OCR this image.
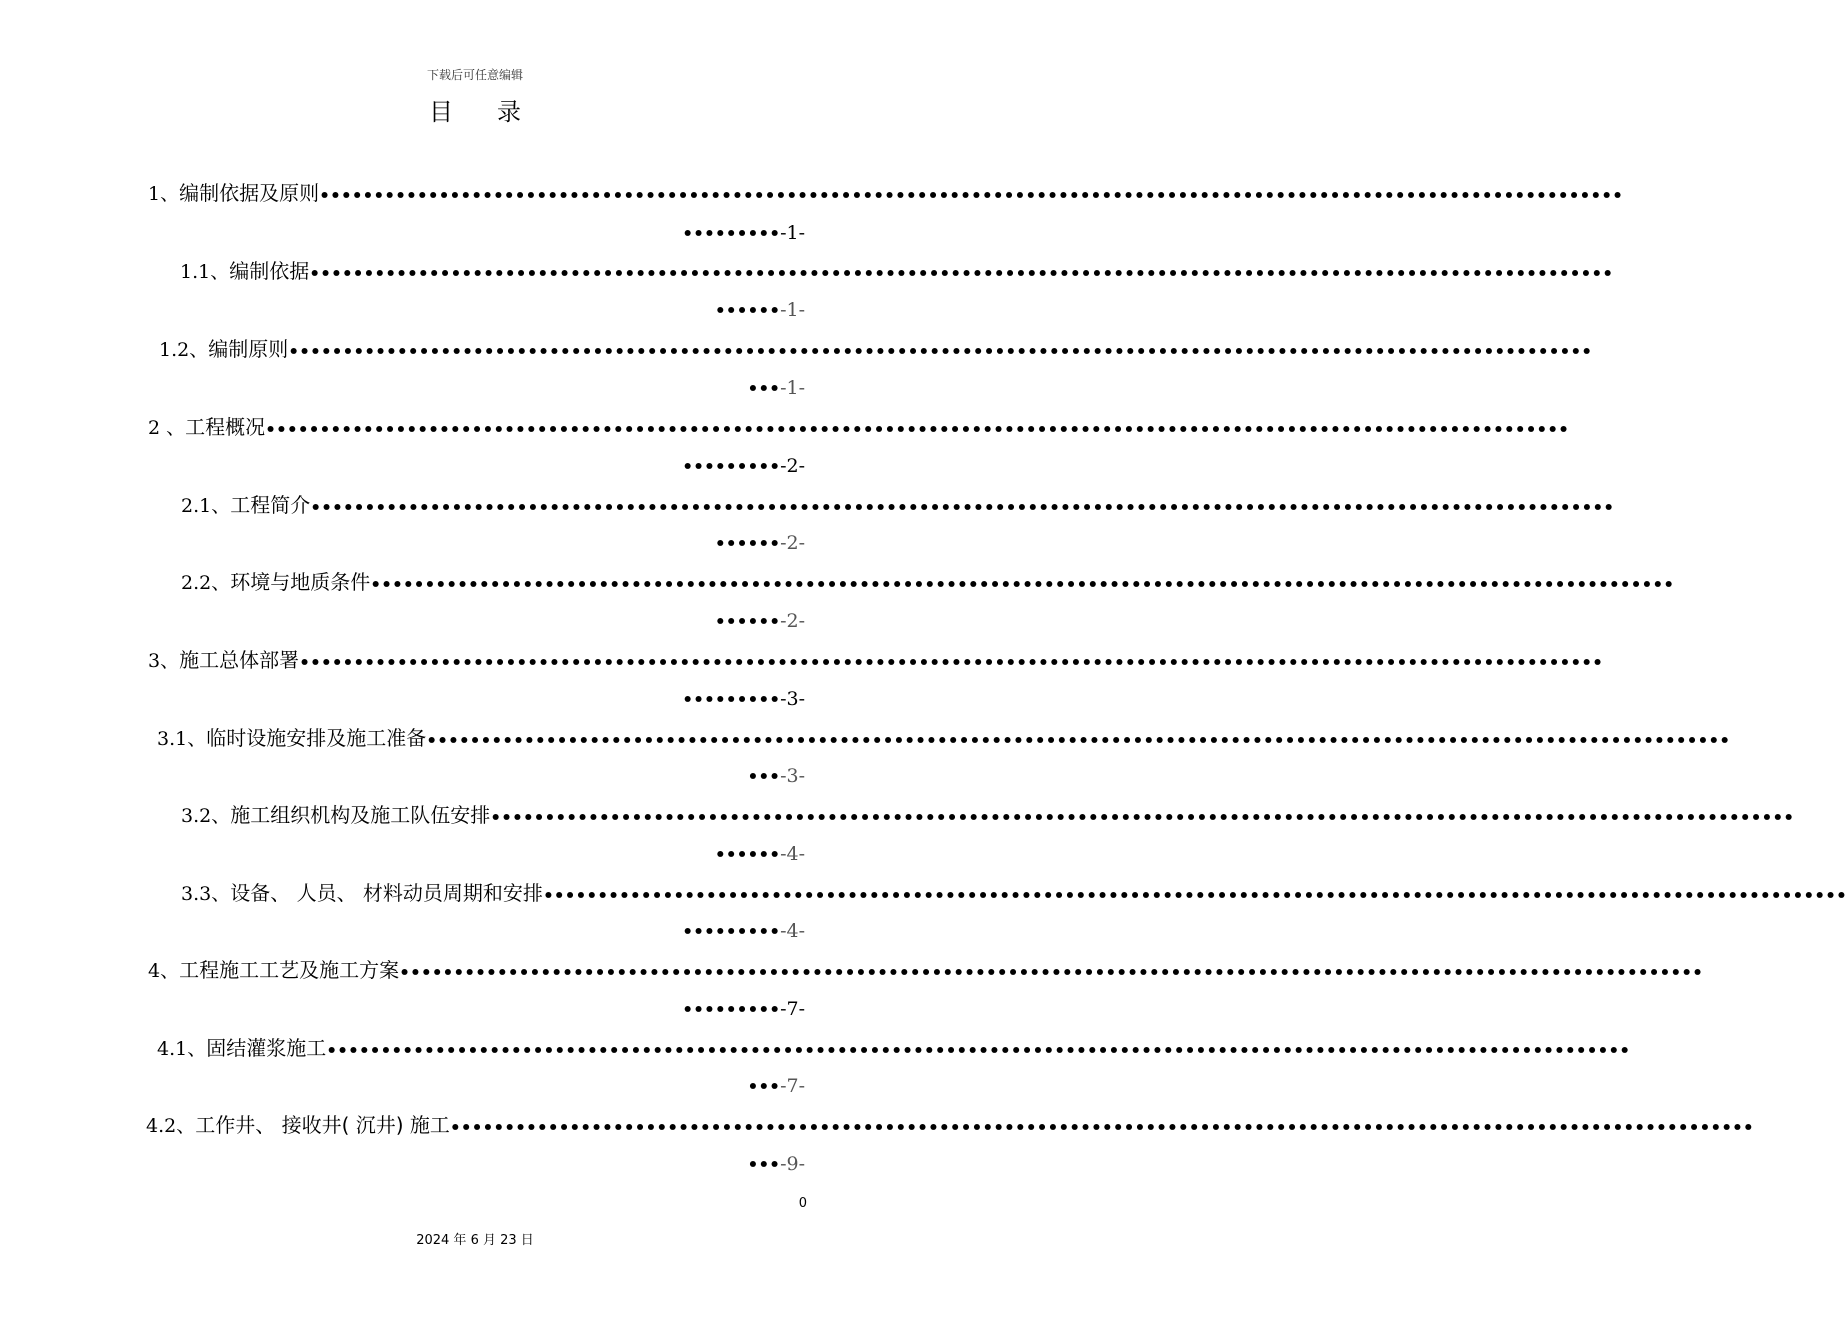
下载后可任意编辑
目录
1、 编制依据及原则 ••••••••••••••••••••••••••••••••••••••••••••••••••••••••••••••••••••••••••••••••••••••••••••••••••••••••••••••••••••••••
••••••••• -1-
1.1、 编制依据 ••••••••••••••••••••••••••••••••••••••••••••••••••••••••••••••••••••••••••••••••••••••••••••••••••••••••••••••••••••••••
•••••• -1-
1.2、 编制原则 ••••••••••••••••••••••••••••••••••••••••••••••••••••••••••••••••••••••••••••••••••••••••••••••••••••••••••••••••••••••••
••• -1-
2 、 工程概况 ••••••••••••••••••••••••••••••••••••••••••••••••••••••••••••••••••••••••••••••••••••••••••••••••••••••••••••••••••••••••
••••••••• -2-
2.1、 工程简介 ••••••••••••••••••••••••••••••••••••••••••••••••••••••••••••••••••••••••••••••••••••••••••••••••••••••••••••••••••••••••
•••••• -2-
2.2、 环境与地质条件 ••••••••••••••••••••••••••••••••••••••••••••••••••••••••••••••••••••••••••••••••••••••••••••••••••••••••••••••••••••••••
•••••• -2-
3、 施工总体部署 ••••••••••••••••••••••••••••••••••••••••••••••••••••••••••••••••••••••••••••••••••••••••••••••••••••••••••••••••••••••••
••••••••• -3-
3.1、 临时设施安排及施工准备 ••••••••••••••••••••••••••••••••••••••••••••••••••••••••••••••••••••••••••••••••••••••••••••••••••••••••••••••••••••••••
••• -3-
3.2、 施工组织机构及施工队伍安排 ••••••••••••••••••••••••••••••••••••••••••••••••••••••••••••••••••••••••••••••••••••••••••••••••••••••••••••••••••••••••
•••••• -4-
3.3、 设备、 人员、 材料动员周期和安排 ••••••••••••••••••••••••••••••••••••••••••••••••••••••••••••••••••••••••••••••••••••••••••••••••••••••••••••••••••••••••
••••••••• -4-
4、 工程施工工艺及施工方案 ••••••••••••••••••••••••••••••••••••••••••••••••••••••••••••••••••••••••••••••••••••••••••••••••••••••••••••••••••••••••
••••••••• -7-
4.1、 固结灌浆施工 ••••••••••••••••••••••••••••••••••••••••••••••••••••••••••••••••••••••••••••••••••••••••••••••••••••••••••••••••••••••••
••• -7-
4.2、 工作井、 接收井( 沉井) 施工 ••••••••••••••••••••••••••••••••••••••••••••••••••••••••••••••••••••••••••••••••••••••••••••••••••••••••••••••••••••••••
••• -9-
0
2024 年 6 月 23 日
